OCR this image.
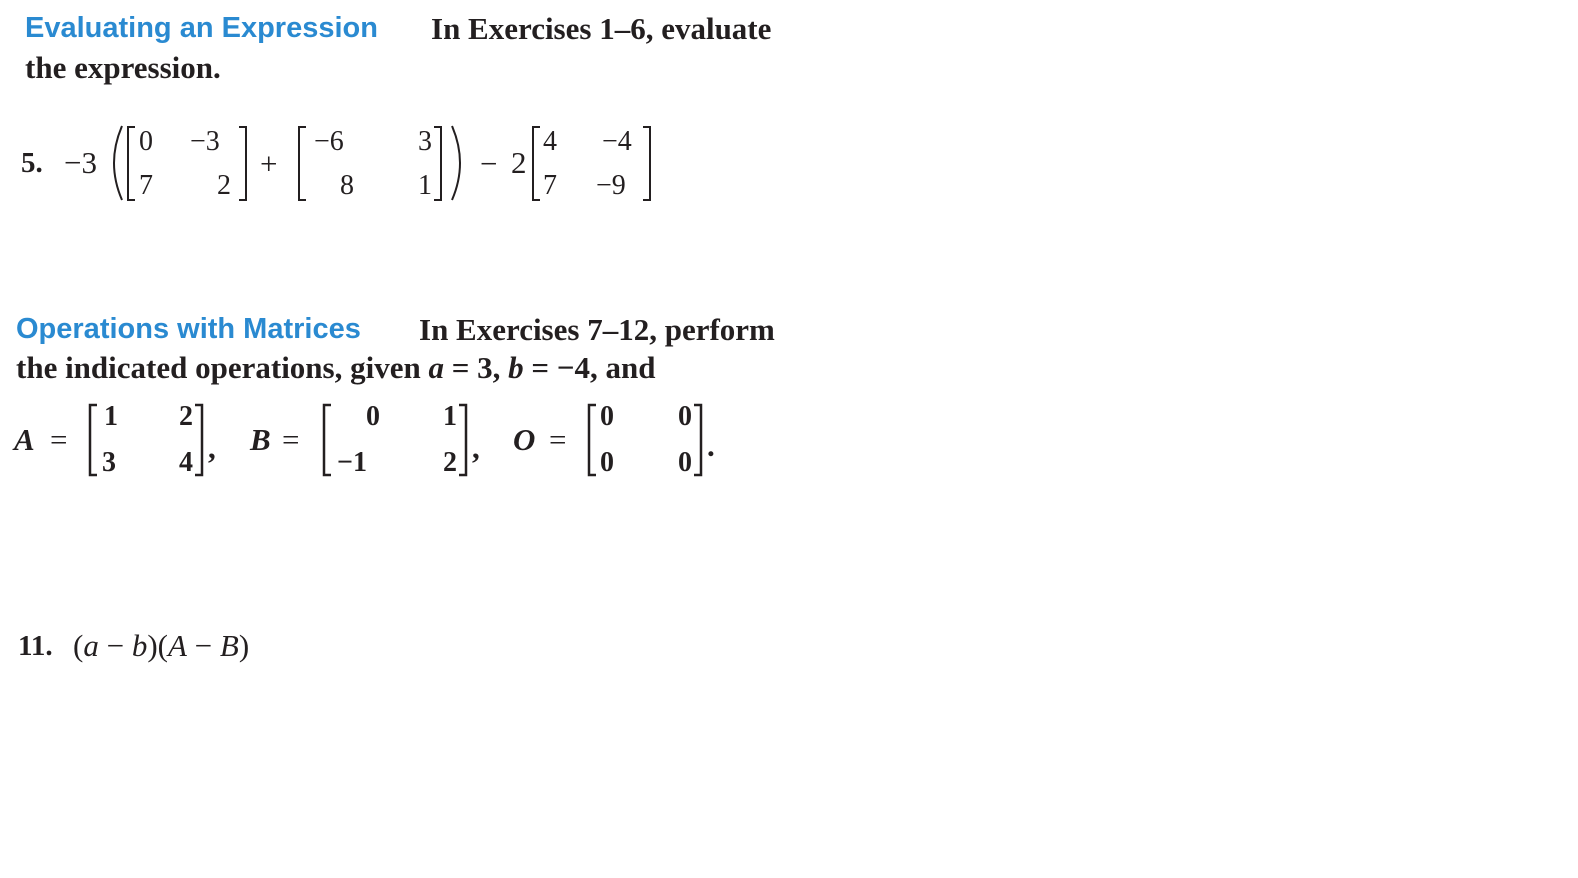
Evaluating an Expression In Exercises 1–6, evaluate
the expression.
5. −3
0 −3
7 2
+
−6	3
8 1
− 2
4 −4
7 −9
Operations with Matrices In Exercises 7–12, perform
the indicated operations, given a = 3, b = −4, and
A =
1 2
3 4 , B =
0 1
−1	2 , O =
0 0
0 0 .
11. (a − b)(A − B)
